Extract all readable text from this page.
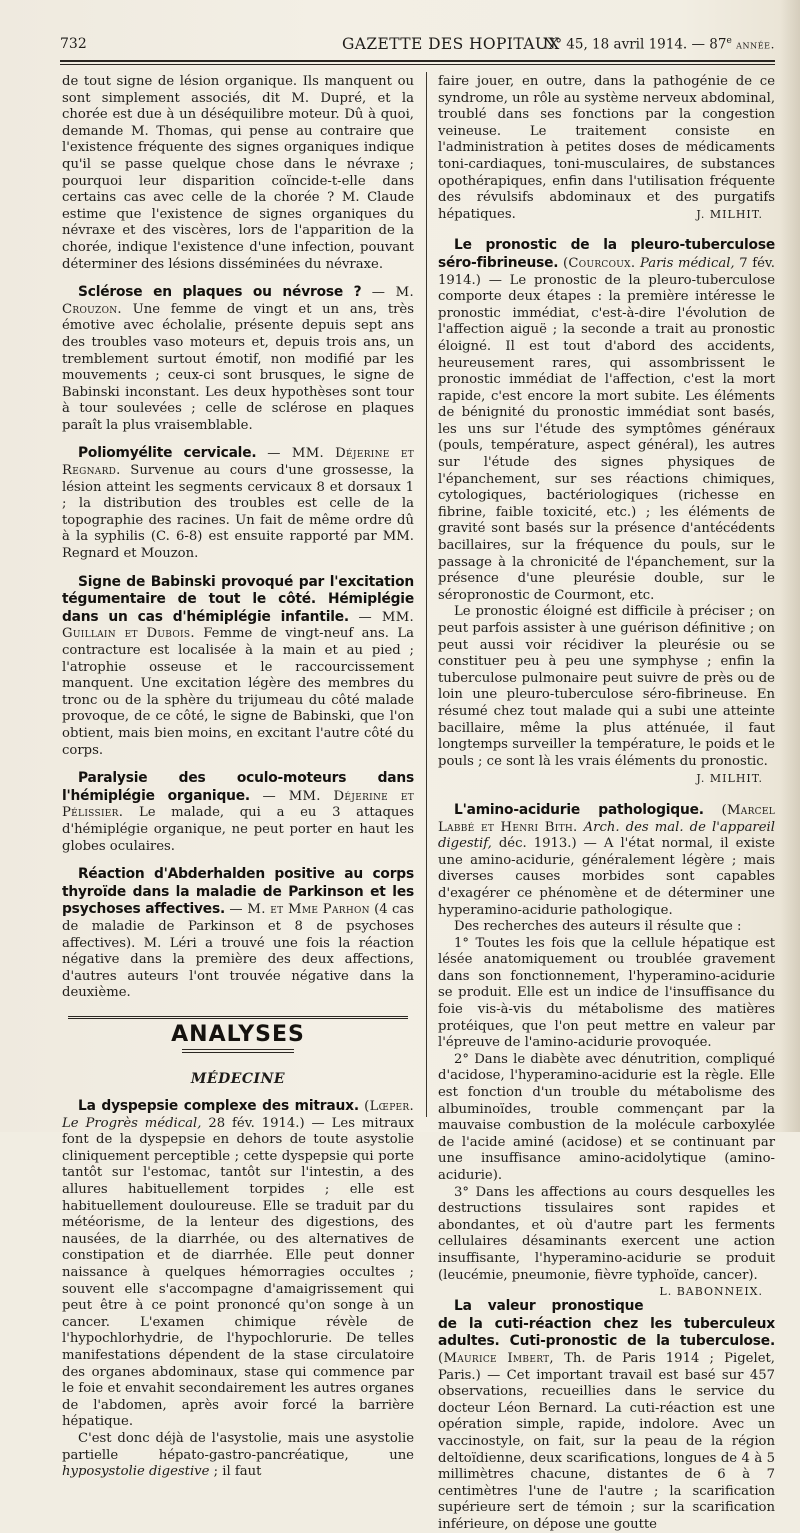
732	GAZETTE DES HOPITAUX
N° 45, 18 avril 1914. — 87e année.

de tout signe de lésion organique. Ils manquent ou sont simplement associés, dit M. Dupré, et la chorée est due à un déséquilibre moteur. Dû à quoi, demande M. Thomas, qui pense au contraire que l'existence fréquente des signes organiques indique qu'il se passe quelque chose dans le névraxe ; pourquoi leur disparition coïncide-t-elle dans certains cas avec celle de la chorée ? M. Claude estime que l'existence de signes organiques du névraxe et des viscères, lors de l'apparition de la chorée, indique l'existence d'une infection, pouvant déterminer des lésions disséminées du névraxe.

Sclérose en plaques ou névrose ? — M. Crouzon. Une femme de vingt et un ans, très émotive avec écholalie, présente depuis sept ans des troubles vaso moteurs et, depuis trois ans, un tremblement surtout émotif, non modifié par les mouvements ; ceux-ci sont brusques, le signe de Babinski inconstant. Les deux hypothèses sont tour à tour soulevées ; celle de sclérose en plaques paraît la plus vraisemblable.

Poliomyélite cervicale. — MM. Déjerine et Regnard. Survenue au cours d'une grossesse, la lésion atteint les segments cervicaux 8 et dorsaux 1 ; la distribution des troubles est celle de la topographie des racines. Un fait de même ordre dû à la syphilis (C. 6-8) est ensuite rapporté par MM. Regnard et Mouzon.

Signe de Babinski provoqué par l'excitation tégumentaire de tout le côté. Hémiplégie dans un cas d'hémiplégie infantile. — MM. Guillain et Dubois. Femme de vingt-neuf ans. La contracture est localisée à la main et au pied ; l'atrophie osseuse et le raccourcissement manquent. Une excitation légère des membres du tronc ou de la sphère du trijumeau du côté malade provoque, de ce côté, le signe de Babinski, que l'on obtient, mais bien moins, en excitant l'autre côté du corps.

Paralysie des oculo-moteurs dans l'hémiplégie organique. — MM. Déjerine et Pélissier. Le malade, qui a eu 3 attaques d'hémiplégie organique, ne peut porter en haut les globes oculaires.

Réaction d'Abderhalden positive au corps thyroïde dans la maladie de Parkinson et les psychoses affectives. — M. et Mme Parhon (4 cas de maladie de Parkinson et 8 de psychoses affectives). M. Léri a trouvé une fois la réaction négative dans la première des deux affections, d'autres auteurs l'ont trouvée négative dans la deuxième.

ANALYSES
MÉDECINE

La dyspepsie complexe des mitraux. (Lœper. Le Progrès médical, 28 fév. 1914.) — Les mitraux font de la dyspepsie en dehors de toute asystolie cliniquement perceptible ; cette dyspepsie qui porte tantôt sur l'estomac, tantôt sur l'intestin, a des allures habituellement torpides ; elle est habituellement douloureuse. Elle se traduit par du météorisme, de la lenteur des digestions, des nausées, de la diarrhée, ou des alternatives de constipation et de diarrhée. Elle peut donner naissance à quelques hémorragies occultes ; souvent elle s'accompagne d'amaigrissement qui peut être à ce point prononcé qu'on songe à un cancer. L'examen chimique révèle de l'hypochlorhydrie, de l'hypochlorurie. De telles manifestations dépendent de la stase circulatoire des organes abdominaux, stase qui commence par le foie et envahit secondairement les autres organes de l'abdomen, après avoir forcé la barrière hépatique.

C'est donc déjà de l'asystolie, mais une asystolie partielle hépato-gastro-pancréatique, une hyposystolie digestive ; il faut

faire jouer, en outre, dans la pathogénie de ce syndrome, un rôle au système nerveux abdominal, troublé dans ses fonctions par la congestion veineuse. Le traitement consiste en l'administration à petites doses de médicaments toni-cardiaques, toni-musculaires, de substances opothérapiques, enfin dans l'utilisation fréquente des révulsifs abdominaux et des purgatifs hépatiques.	J. MILHIT.

Le pronostic de la pleuro-tuberculose séro-fibrineuse. (Courcoux. Paris médical, 7 fév. 1914.) — Le pronostic de la pleuro-tuberculose comporte deux étapes : la première intéresse le pronostic immédiat, c'est-à-dire l'évolution de l'affection aiguë ; la seconde a trait au pronostic éloigné. Il est tout d'abord des accidents, heureusement rares, qui assombrissent le pronostic immédiat de l'affection, c'est la mort rapide, c'est encore la mort subite. Les éléments de bénignité du pronostic immédiat sont basés, les uns sur l'étude des symptômes généraux (pouls, température, aspect général), les autres sur l'étude des signes physiques de l'épanchement, sur ses réactions chimiques, cytologiques, bactériologiques (richesse en fibrine, faible toxicité, etc.) ; les éléments de gravité sont basés sur la présence d'antécédents bacillaires, sur la fréquence du pouls, sur le passage à la chronicité de l'épanchement, sur la présence d'une pleurésie double, sur le séropronostic de Courmont, etc.

Le pronostic éloigné est difficile à préciser ; on peut parfois assister à une guérison définitive ; on peut aussi voir récidiver la pleurésie ou se constituer peu à peu une symphyse ; enfin la tuberculose pulmonaire peut suivre de près ou de loin une pleuro-tuberculose séro-fibrineuse. En résumé chez tout malade qui a subi une atteinte bacillaire, même la plus atténuée, il faut longtemps surveiller la température, le poids et le pouls ; ce sont là les vrais éléments du pronostic.

J. MILHIT.

L'amino-acidurie pathologique. (Marcel Labbé et Henri Bith. Arch. des mal. de l'appareil digestif, déc. 1913.) — A l'état normal, il existe une amino-acidurie, généralement légère ; mais diverses causes morbides sont capables d'exagérer ce phénomène et de déterminer une hyperamino-acidurie pathologique.

Des recherches des auteurs il résulte que :

1° Toutes les fois que la cellule hépatique est lésée anatomiquement ou troublée gravement dans son fonctionnement, l'hyperamino-acidurie se produit. Elle est un indice de l'insuffisance du foie vis-à-vis du métabolisme des matières protéiques, que l'on peut mettre en valeur par l'épreuve de l'amino-acidurie provoquée.

2° Dans le diabète avec dénutrition, compliqué d'acidose, l'hyperamino-acidurie est la règle. Elle est fonction d'un trouble du métabolisme des albuminoïdes, trouble commençant par la mauvaise combustion de la molécule carboxylée de l'acide aminé (acidose) et se continuant par une insuffisance amino-acidolytique (amino-acidurie).

3° Dans les affections au cours desquelles les destructions tissulaires sont rapides et abondantes, et où d'autre part les ferments cellulaires désaminants exercent une action insuffisante, l'hyperamino-acidurie se produit (leucémie, pneumonie, fièvre typhoïde, cancer).
L. BABONNEIX.

La valeur pronostique de la cuti-réaction chez les tuberculeux adultes. Cuti-pronostic de la tuberculose. (Maurice Imbert, Th. de Paris 1914 ; Pigelet, Paris.) — Cet important travail est basé sur 457 observations, recueillies dans le service du docteur Léon Bernard. La cuti-réaction est une opération simple, rapide, indolore. Avec un vaccinostyle, on fait, sur la peau de la région deltoïdienne, deux scarifications, longues de 4 à 5 millimètres chacune, distantes de 6 à 7 centimètres l'une de l'autre ; la scarification supérieure sert de témoin ; sur la scarification inférieure, on dépose une goutte
